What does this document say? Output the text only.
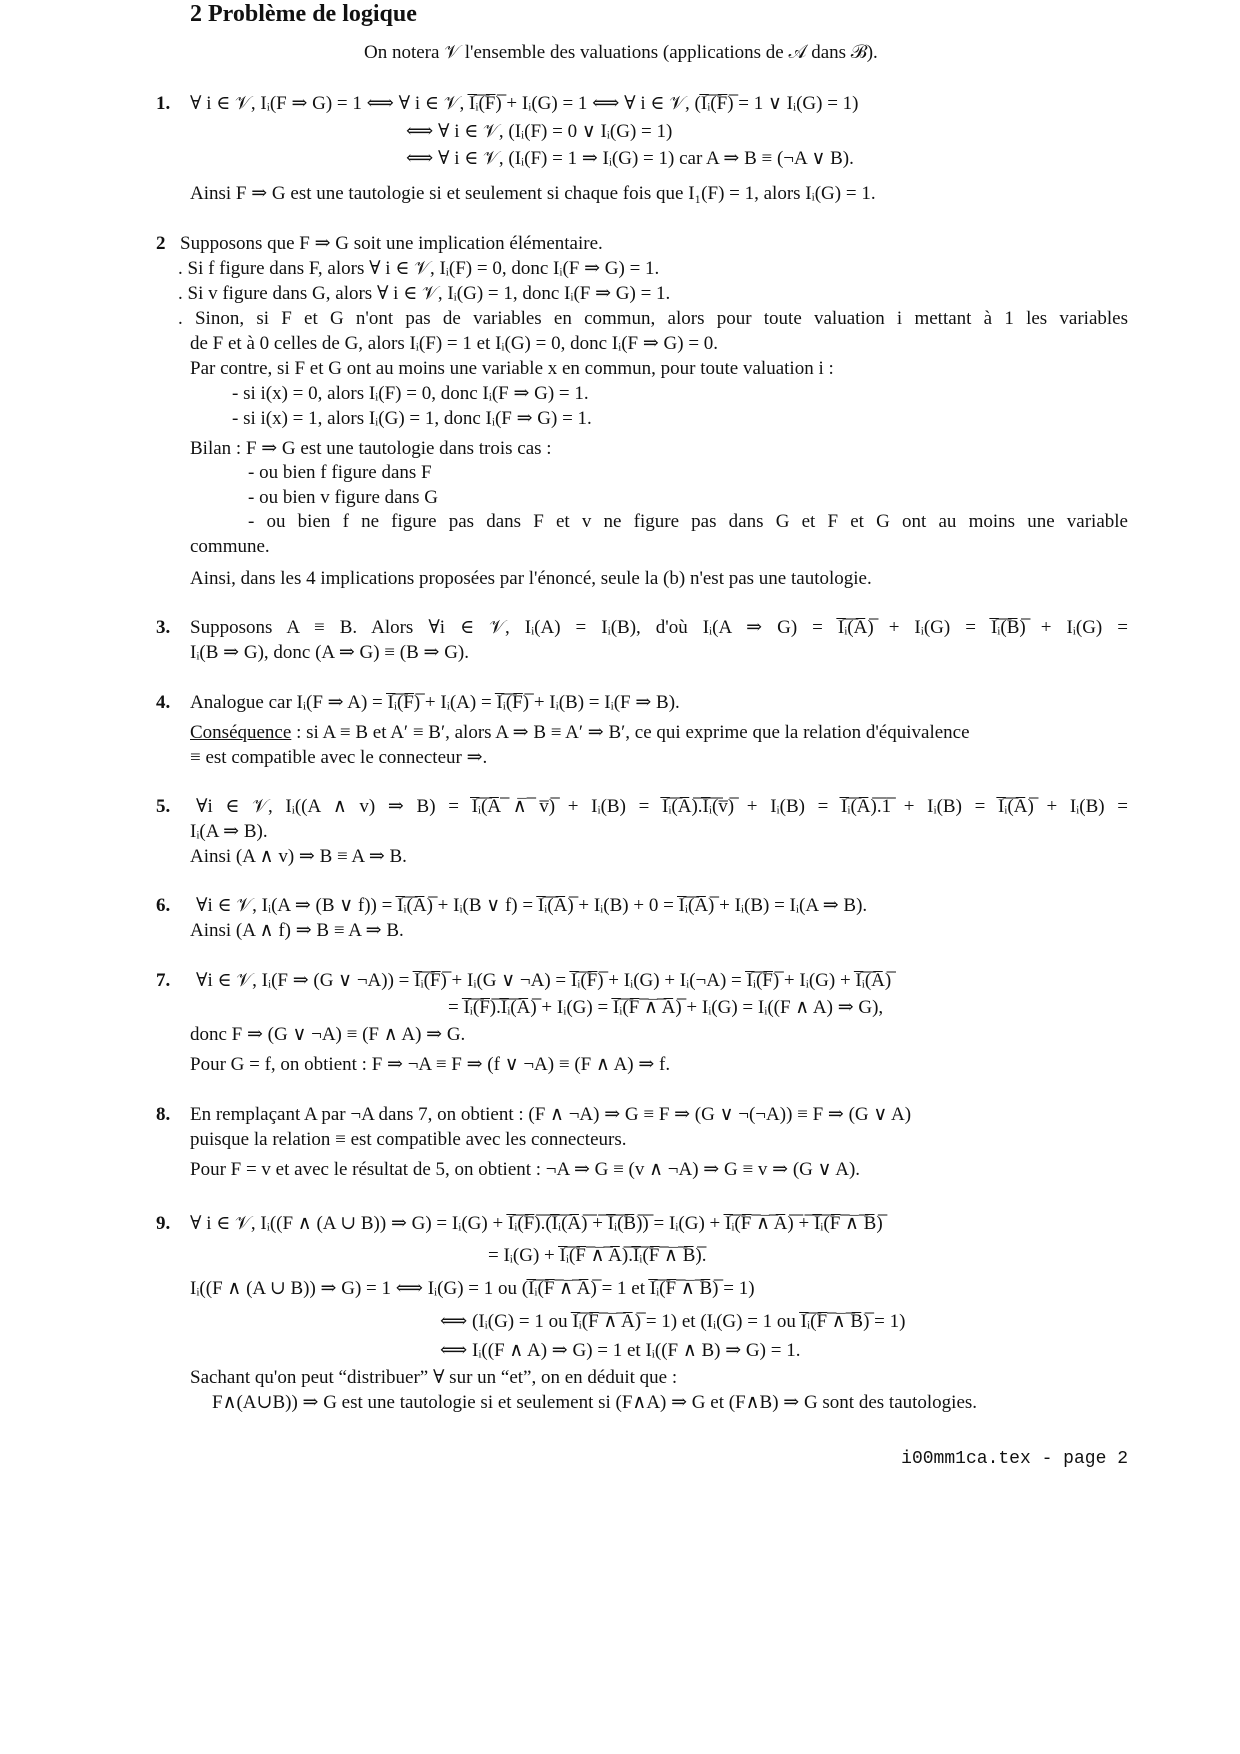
2 Problème de logique
On notera 𝒱 l'ensemble des valuations (applications de 𝒜 dans ℬ).
1. ∀ i ∈ 𝒱, Iᵢ(F ⇒ G) = 1 ⟺ ∀ i ∈ 𝒱, I̅ᵢ̅(̅F̅)̅ + Iᵢ(G) = 1 ⟺ ∀ i ∈ 𝒱, (I̅ᵢ̅(̅F̅)̅ = 1 ∨ Iᵢ(G) = 1)
⟺ ∀ i ∈ 𝒱, (Iᵢ(F) = 0 ∨ Iᵢ(G) = 1)
⟺ ∀ i ∈ 𝒱, (Iᵢ(F) = 1 ⇒ Iᵢ(G) = 1) car A ⇒ B ≡ (¬A ∨ B).
Ainsi F ⇒ G est une tautologie si et seulement si chaque fois que I₁(F) = 1, alors Iᵢ(G) = 1.
2 Supposons que F ⇒ G soit une implication élémentaire.
. Si f figure dans F, alors ∀ i ∈ 𝒱, Iᵢ(F) = 0, donc Iᵢ(F ⇒ G) = 1.
. Si v figure dans G, alors ∀ i ∈ 𝒱, Iᵢ(G) = 1, donc Iᵢ(F ⇒ G) = 1.
. Sinon, si F et G n'ont pas de variables en commun, alors pour toute valuation i mettant à 1 les variables
de F et à 0 celles de G, alors Iᵢ(F) = 1 et Iᵢ(G) = 0, donc Iᵢ(F ⇒ G) = 0.
Par contre, si F et G ont au moins une variable x en commun, pour toute valuation i :
- si i(x) = 0, alors Iᵢ(F) = 0, donc Iᵢ(F ⇒ G) = 1.
- si i(x) = 1, alors Iᵢ(G) = 1, donc Iᵢ(F ⇒ G) = 1.
Bilan : F ⇒ G est une tautologie dans trois cas :
- ou bien f figure dans F
- ou bien v figure dans G
- ou bien f ne figure pas dans F et v ne figure pas dans G et F et G ont au moins une variable
commune.
Ainsi, dans les 4 implications proposées par l'énoncé, seule la (b) n'est pas une tautologie.
3. Supposons A ≡ B. Alors ∀i ∈ 𝒱, Iᵢ(A) = Iᵢ(B), d'où Iᵢ(A ⇒ G) = I̅ᵢ̅(̅A̅)̅ + Iᵢ(G) = I̅ᵢ̅(̅B̅)̅ + Iᵢ(G) =
Iᵢ(B ⇒ G), donc (A ⇒ G) ≡ (B ⇒ G).
4. Analogue car Iᵢ(F ⇒ A) = I̅ᵢ̅(̅F̅)̅ + Iᵢ(A) = I̅ᵢ̅(̅F̅)̅ + Iᵢ(B) = Iᵢ(F ⇒ B).
Conséquence : si A ≡ B et A′ ≡ B′, alors A ⇒ B ≡ A′ ⇒ B′, ce qui exprime que la relation d'équivalence
≡ est compatible avec le connecteur ⇒.
5. ∀i ∈ 𝒱, Iᵢ((A ∧ v) ⇒ B) = I̅ᵢ̅(̅A̅ ̅∧̅ ̅v̅)̅ + Iᵢ(B) = I̅ᵢ̅(̅A̅)̅.̅I̅ᵢ̅(̅v̅)̅ + Iᵢ(B) = I̅ᵢ̅(̅A̅)̅.̅1̅ + Iᵢ(B) = I̅ᵢ̅(̅A̅)̅ + Iᵢ(B) =
Iᵢ(A ⇒ B).
Ainsi (A ∧ v) ⇒ B ≡ A ⇒ B.
6. ∀i ∈ 𝒱, Iᵢ(A ⇒ (B ∨ f)) = I̅ᵢ̅(̅A̅)̅ + Iᵢ(B ∨ f) = I̅ᵢ̅(̅A̅)̅ + Iᵢ(B) + 0 = I̅ᵢ̅(̅A̅)̅ + Iᵢ(B) = Iᵢ(A ⇒ B).
Ainsi (A ∧ f) ⇒ B ≡ A ⇒ B.
7. ∀i ∈ 𝒱, Iᵢ(F ⇒ (G ∨ ¬A)) = I̅ᵢ̅(̅F̅)̅ + Iᵢ(G ∨ ¬A) = I̅ᵢ̅(̅F̅)̅ + Iᵢ(G) + Iᵢ(¬A) = I̅ᵢ̅(̅F̅)̅ + Iᵢ(G) + I̅ᵢ̅(̅A̅)̅
= I̅ᵢ̅(̅F̅)̅.̅I̅ᵢ̅(̅A̅)̅ + Iᵢ(G) = I̅ᵢ̅(̅F̅ ̅∧̅ ̅A̅)̅ + Iᵢ(G) = Iᵢ((F ∧ A) ⇒ G),
donc F ⇒ (G ∨ ¬A) ≡ (F ∧ A) ⇒ G.
Pour G = f, on obtient : F ⇒ ¬A ≡ F ⇒ (f ∨ ¬A) ≡ (F ∧ A) ⇒ f.
8. En remplaçant A par ¬A dans 7, on obtient : (F ∧ ¬A) ⇒ G ≡ F ⇒ (G ∨ ¬(¬A)) ≡ F ⇒ (G ∨ A)
puisque la relation ≡ est compatible avec les connecteurs.
Pour F = v et avec le résultat de 5, on obtient : ¬A ⇒ G ≡ (v ∧ ¬A) ⇒ G ≡ v ⇒ (G ∨ A).
9. ∀ i ∈ 𝒱, Iᵢ((F ∧ (A ∪ B)) ⇒ G) = Iᵢ(G) + I̅ᵢ̅(̅F̅)̅.̅(̅I̅ᵢ̅(̅A̅)̅ ̅+̅ ̅I̅ᵢ̅(̅B̅)̅)̅ = Iᵢ(G) + I̅ᵢ̅(̅F̅ ̅∧̅ ̅A̅)̅ ̅+̅ ̅I̅ᵢ̅(̅F̅ ̅∧̅ ̅B̅)̅
= Iᵢ(G) + I̅ᵢ̅(̅F̅ ̅∧̅ ̅A̅)̅.̅I̅ᵢ̅(̅F̅ ̅∧̅ ̅B̅)̅.
Iᵢ((F ∧ (A ∪ B)) ⇒ G) = 1 ⟺ Iᵢ(G) = 1 ou (I̅ᵢ̅(̅F̅ ̅∧̅ ̅A̅)̅ = 1 et I̅ᵢ̅(̅F̅ ̅∧̅ ̅B̅)̅ = 1)
⟺ (Iᵢ(G) = 1 ou I̅ᵢ̅(̅F̅ ̅∧̅ ̅A̅)̅ = 1) et (Iᵢ(G) = 1 ou I̅ᵢ̅(̅F̅ ̅∧̅ ̅B̅)̅ = 1)
⟺ Iᵢ((F ∧ A) ⇒ G) = 1 et Iᵢ((F ∧ B) ⇒ G) = 1.
Sachant qu'on peut “distribuer” ∀ sur un “et”, on en déduit que :
F∧(A∪B)) ⇒ G est une tautologie si et seulement si (F∧A) ⇒ G et (F∧B) ⇒ G sont des tautologies.
i00mm1ca.tex - page 2
